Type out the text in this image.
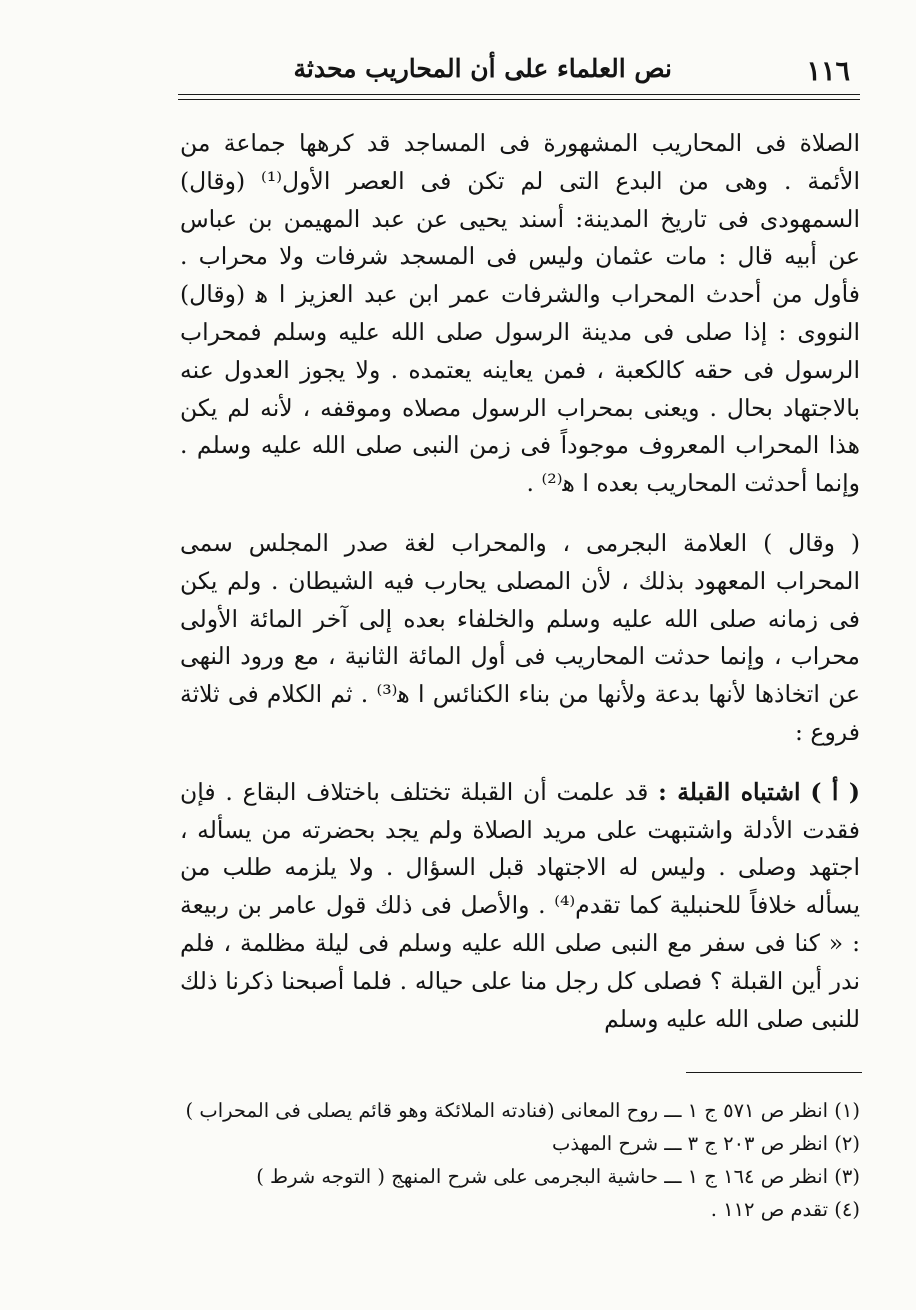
١١٦
نص العلماء على أن المحاريب محدثة

الصلاة فى المحاريب المشهورة فى المساجد قد كرهها جماعة من الأئمة . وهى من البدع التى لم تكن فى العصر الأول⁽¹⁾ (وقال) السمهودى فى تاريخ المدينة: أسند يحيى عن عبد المهيمن بن عباس عن أبيه قال : مات عثمان وليس فى المسجد شرفات ولا محراب . فأول من أحدث المحراب والشرفات عمر ابن عبد العزيز ا ﻫ (وقال) النووى : إذا صلى فى مدينة الرسول صلى الله عليه وسلم فمحراب الرسول فى حقه كالكعبة ، فمن يعاينه يعتمده . ولا يجوز العدول عنه بالاجتهاد بحال . ويعنى بمحراب الرسول مصلاه وموقفه ، لأنه لم يكن هذا المحراب المعروف موجوداً فى زمن النبى صلى الله عليه وسلم . وإنما أحدثت المحاريب بعده ا ﻫ⁽²⁾ .

( وقال ) العلامة البجرمى ، والمحراب لغة صدر المجلس سمى المحراب المعهود بذلك ، لأن المصلى يحارب فيه الشيطان . ولم يكن فى زمانه صلى الله عليه وسلم والخلفاء بعده إلى آخر المائة الأولى محراب ، وإنما حدثت المحاريب فى أول المائة الثانية ، مع ورود النهى عن اتخاذها لأنها بدعة ولأنها من بناء الكنائس ا ﻫ⁽³⁾ . ثم الكلام فى ثلاثة فروع :

( أ ) اشتباه القبلة : قد علمت أن القبلة تختلف باختلاف البقاع . فإن فقدت الأدلة واشتبهت على مريد الصلاة ولم يجد بحضرته من يسأله ، اجتهد وصلى . وليس له الاجتهاد قبل السؤال . ولا يلزمه طلب من يسأله خلافاً للحنبلية كما تقدم⁽⁴⁾ . والأصل فى ذلك قول عامر بن ربيعة : « كنا فى سفر مع النبى صلى الله عليه وسلم فى ليلة مظلمة ، فلم ندر أين القبلة ؟ فصلى كل رجل منا على حياله . فلما أصبحنا ذكرنا ذلك للنبى صلى الله عليه وسلم

(١) انظر ص ٥٧١ ج ١ ـــ روح المعانى (فنادته الملائكة وهو قائم يصلى فى المحراب )
(٢) انظر ص ٢٠٣ ج ٣ ـــ شرح المهذب
(٣) انظر ص ١٦٤ ج ١ ـــ حاشية البجرمى على شرح المنهج ( التوجه شرط )
(٤) تقدم ص ١١٢ .
